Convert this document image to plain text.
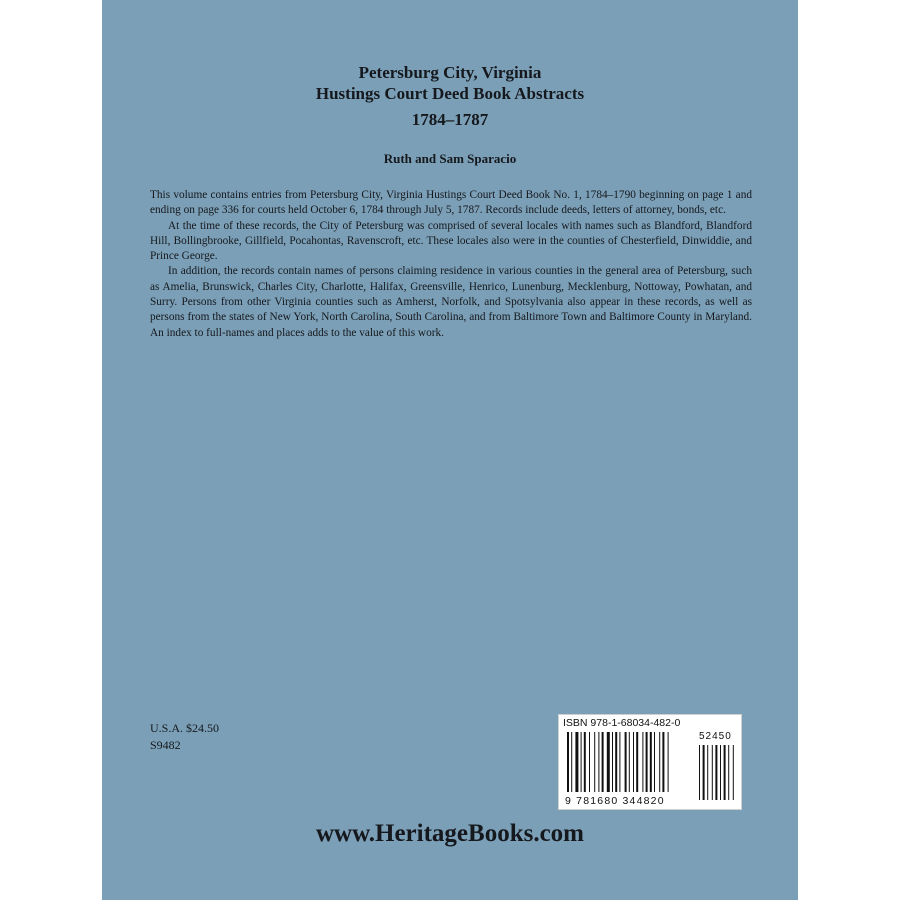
Petersburg City, Virginia
Hustings Court Deed Book Abstracts
1784–1787
Ruth and Sam Sparacio

This volume contains entries from Petersburg City, Virginia Hustings Court Deed Book No. 1, 1784–1790 beginning on page 1 and ending on page 336 for courts held October 6, 1784 through July 5, 1787. Records include deeds, letters of attorney, bonds, etc.

At the time of these records, the City of Petersburg was comprised of several locales with names such as Blandford, Blandford Hill, Bollingbrooke, Gillfield, Pocahontas, Ravenscroft, etc. These locales also were in the counties of Chesterfield, Dinwiddie, and Prince George.

In addition, the records contain names of persons claiming residence in various counties in the general area of Petersburg, such as Amelia, Brunswick, Charles City, Charlotte, Halifax, Greensville, Henrico, Lunenburg, Mecklenburg, Nottoway, Powhatan, and Surry. Persons from other Virginia counties such as Amherst, Norfolk, and Spotsylvania also appear in these records, as well as persons from the states of New York, North Carolina, South Carolina, and from Baltimore Town and Baltimore County in Maryland. An index to full-names and places adds to the value of this work.

U.S.A. $24.50
S9482
ISBN 978-1-68034-482-0
52450
9 781680 344820
www.HeritageBooks.com
